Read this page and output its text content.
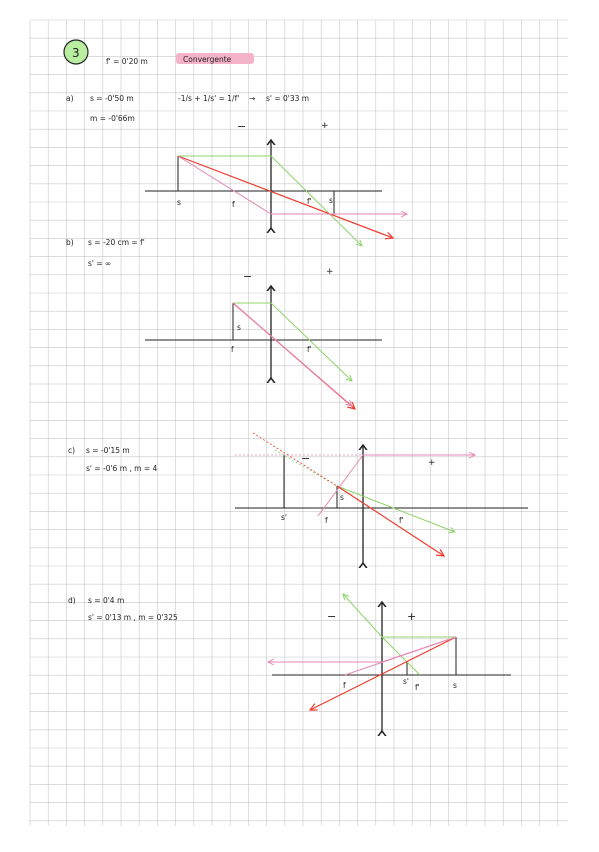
3
f' = 0'20 m	Convergente
a) s = -0'50 m
m = -0'66m
-1/s + 1/s' = 1/f' → s' = 0'33 m
−	+
s	f	f' s'
b) s = -20 cm = f'
s' = ∞
−	+
s
f	f'
c) s = -0'15 m
s' = -0'6 m , m = 4
−	+
s
f	f'
s'
d) s = 0'4 m
s' = 0'13 m , m = 0'325	−	+
s
f	f'
s'
